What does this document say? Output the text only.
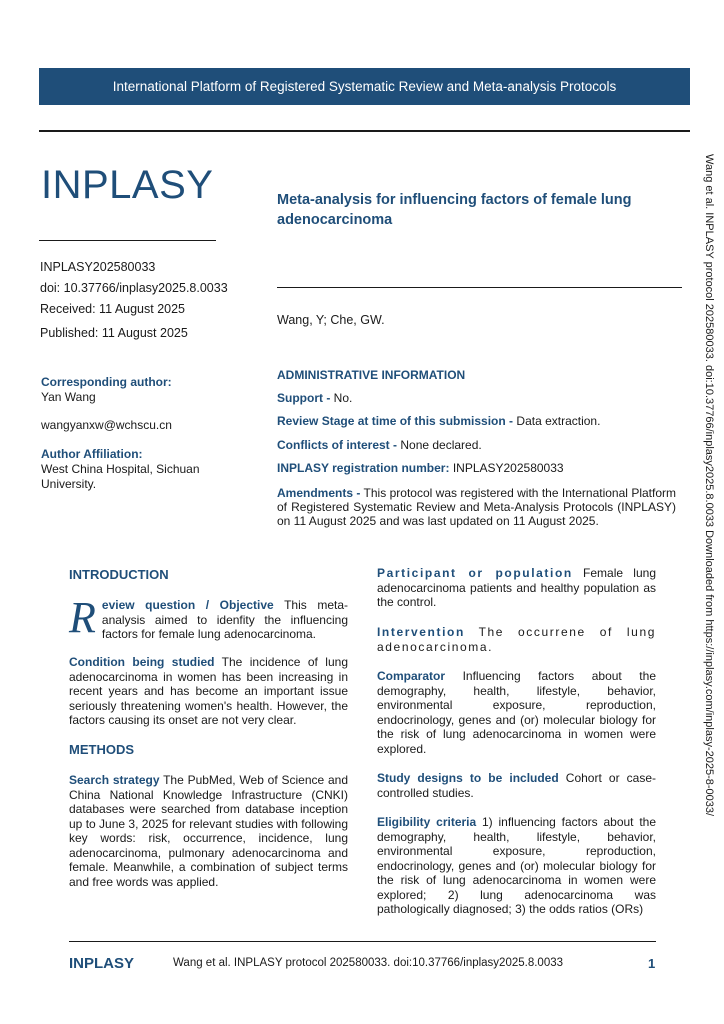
International Platform of Registered Systematic Review and Meta-analysis Protocols
INPLASY
INPLASY202580033
doi: 10.37766/inplasy2025.8.0033
Received: 11 August 2025
Published: 11 August 2025
Meta-analysis for influencing factors of female lung adenocarcinoma
Wang, Y; Che, GW.
Corresponding author:
Yan Wang
wangyanxw@wchscu.cn
Author Affiliation:
West China Hospital, Sichuan University.
ADMINISTRATIVE INFORMATION
Support - No.
Review Stage at time of this submission - Data extraction.
Conflicts of interest - None declared.
INPLASY registration number: INPLASY202580033
Amendments - This protocol was registered with the International Platform of Registered Systematic Review and Meta-Analysis Protocols (INPLASY) on 11 August 2025 and was last updated on 11 August 2025.
INTRODUCTION
Review question / Objective This meta-analysis aimed to idenfity the influencing factors for female lung adenocarcinoma.
Condition being studied The incidence of lung adenocarcinoma in women has been increasing in recent years and has become an important issue seriously threatening women's health. However, the factors causing its onset are not very clear.
METHODS
Search strategy The PubMed, Web of Science and China National Knowledge Infrastructure (CNKI) databases were searched from database inception up to June 3, 2025 for relevant studies with following key words: risk, occurrence, incidence, lung adenocarcinoma, pulmonary adenocarcinoma and female. Meanwhile, a combination of subject terms and free words was applied.
Participant or population Female lung adenocarcinoma patients and healthy population as the control.
Intervention The occurrene of lung adenocarcinoma.
Comparator Influencing factors about the demography, health, lifestyle, behavior, environmental exposure, reproduction, endocrinology, genes and (or) molecular biology for the risk of lung adenocarcinoma in women were explored.
Study designs to be included Cohort or case-controlled studies.
Eligibility criteria 1) influencing factors about the demography, health, lifestyle, behavior, environmental exposure, reproduction, endocrinology, genes and (or) molecular biology for the risk of lung adenocarcinoma in women were explored; 2) lung adenocarcinoma was pathologically diagnosed; 3) the odds ratios (ORs)
Wang et al. INPLASY protocol 202580033. doi:10.37766/inplasy2025.8.0033 Downloaded from https://inplasy.com/inplasy-2025-8-0033/
INPLASY	Wang et al. INPLASY protocol 202580033. doi:10.37766/inplasy2025.8.0033	1
